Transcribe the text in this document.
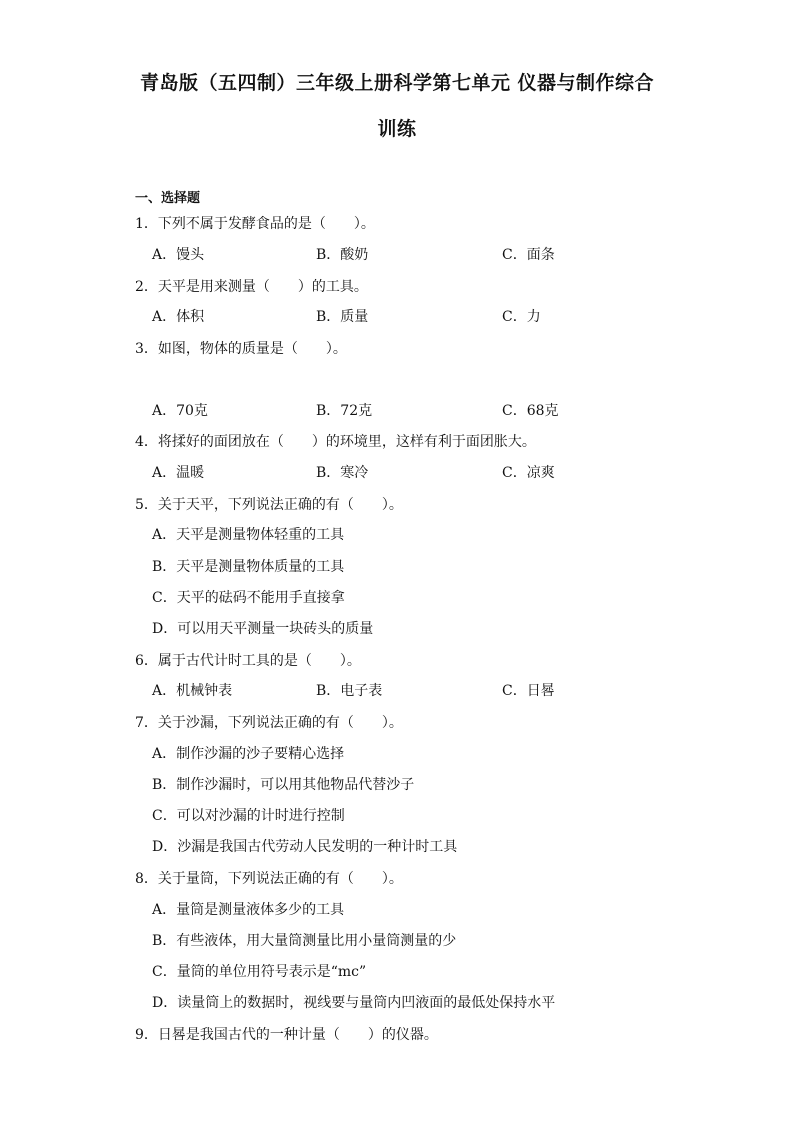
青岛版（五四制）三年级上册科学第七单元 仪器与制作综合
训练
一、选择题
1．下列不属于发酵食品的是（　　）。
A．馒头	B．酸奶	C．面条
2．天平是用来测量（　　）的工具。
A．体积	B．质量	C．力
3．如图，物体的质量是（　　）。
A．70克	B．72克	C．68克
4．将揉好的面团放在（　　）的环境里，这样有利于面团胀大。
A．温暖	B．寒冷	C．凉爽
5．关于天平，下列说法正确的有（　　）。
A．天平是测量物体轻重的工具
B．天平是测量物体质量的工具
C．天平的砝码不能用手直接拿
D．可以用天平测量一块砖头的质量
6．属于古代计时工具的是（　　）。
A．机械钟表	B．电子表	C．日晷
7．关于沙漏，下列说法正确的有（　　）。
A．制作沙漏的沙子要精心选择
B．制作沙漏时，可以用其他物品代替沙子
C．可以对沙漏的计时进行控制
D．沙漏是我国古代劳动人民发明的一种计时工具
8．关于量筒，下列说法正确的有（　　）。
A．量筒是测量液体多少的工具
B．有些液体，用大量筒测量比用小量筒测量的少
C．量筒的单位用符号表示是“mc”
D．读量筒上的数据时，视线要与量筒内凹液面的最低处保持水平
9．日晷是我国古代的一种计量（　　）的仪器。
